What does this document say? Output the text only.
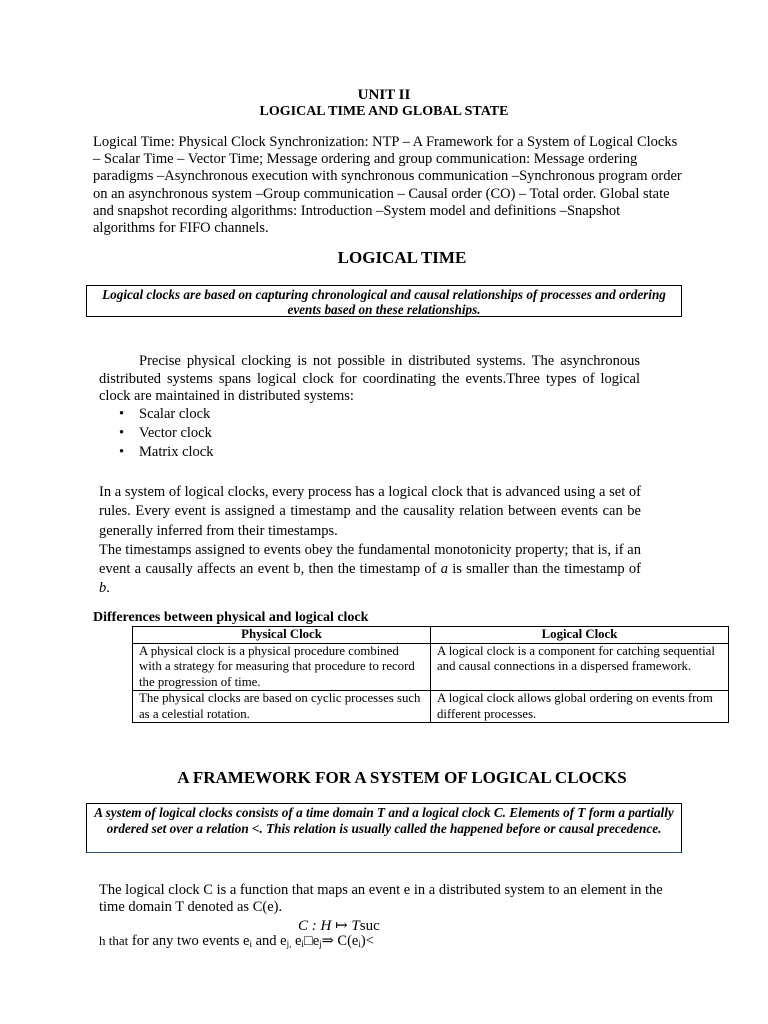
UNIT II
LOGICAL TIME AND GLOBAL STATE
Logical Time: Physical Clock Synchronization: NTP – A Framework for a System of Logical Clocks – Scalar Time – Vector Time; Message ordering and group communication: Message ordering paradigms –Asynchronous execution with synchronous communication –Synchronous program order on an asynchronous system –Group communication – Causal order (CO) – Total order. Global state and snapshot recording algorithms: Introduction –System model and definitions –Snapshot algorithms for FIFO channels.
LOGICAL TIME
Logical clocks are based on capturing chronological and causal relationships of processes and ordering events based on these relationships.
Precise physical clocking is not possible in distributed systems. The asynchronous distributed systems spans logical clock for coordinating the events.Three types of logical clock are maintained in distributed systems:
• Scalar clock
• Vector clock
• Matrix clock
In a system of logical clocks, every process has a logical clock that is advanced using a set of rules. Every event is assigned a timestamp and the causality relation between events can be generally inferred from their timestamps.
The timestamps assigned to events obey the fundamental monotonicity property; that is, if an event a causally affects an event b, then the timestamp of a is smaller than the timestamp of b.
Differences between physical and logical clock
Physical Clock	Logical Clock
A physical clock is a physical procedure combined with a strategy for measuring that procedure to record the progression of time.	A logical clock is a component for catching sequential and causal connections in a dispersed framework.
The physical clocks are based on cyclic processes such as a celestial rotation.	A logical clock allows global ordering on events from different processes.
A FRAMEWORK FOR A SYSTEM OF LOGICAL CLOCKS
A system of logical clocks consists of a time domain T and a logical clock C. Elements of T form a partially ordered set over a relation <. This relation is usually called the happened before or causal precedence.
The logical clock C is a function that maps an event e in a distributed system to an element in the time domain T denoted as C(e).
C : H ↦ Tsuc
h that for any two events $e_i$ and $e_{j,}$ $e_i□e_j\Rightarrow$ $C(e_i)<$
